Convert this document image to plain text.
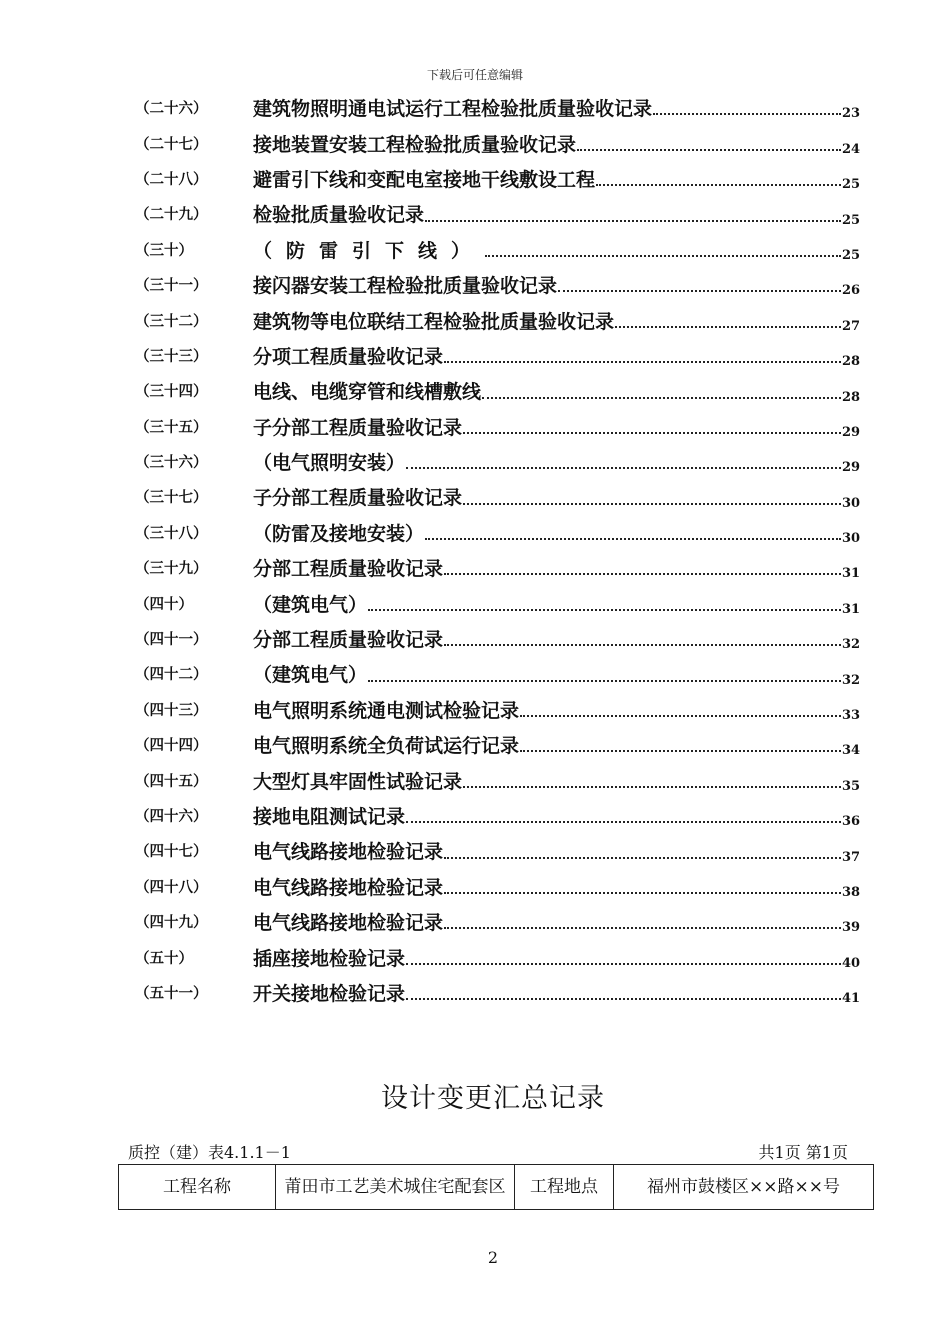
下载后可任意编辑
（二十六）	建筑物照明通电试运行工程检验批质量验收记录	23
（二十七）	接地装置安装工程检验批质量验收记录	24
（二十八）	避雷引下线和变配电室接地干线敷设工程	25
（二十九）	检验批质量验收记录	25
（三十）	（防雷引下线）	25
（三十一）	接闪器安装工程检验批质量验收记录	26
（三十二）	建筑物等电位联结工程检验批质量验收记录	27
（三十三）	分项工程质量验收记录	28
（三十四）	电线、电缆穿管和线槽敷线	28
（三十五）	子分部工程质量验收记录	29
（三十六）	（电气照明安装）	29
（三十七）	子分部工程质量验收记录	30
（三十八）	（防雷及接地安装）	30
（三十九）	分部工程质量验收记录	31
（四十）	（建筑电气）	31
（四十一）	分部工程质量验收记录	32
（四十二）	（建筑电气）	32
（四十三）	电气照明系统通电测试检验记录	33
（四十四）	电气照明系统全负荷试运行记录	34
（四十五）	大型灯具牢固性试验记录	35
（四十六）	接地电阻测试记录	36
（四十七）	电气线路接地检验记录	37
（四十八）	电气线路接地检验记录	38
（四十九）	电气线路接地检验记录	39
（五十）	插座接地检验记录	40
（五十一）	开关接地检验记录	41
设计变更汇总记录
质控（建）表4.1.1－1	共1页 第1页
工程名称	莆田市工艺美术城住宅配套区	工程地点	福州市鼓楼区××路××号
2
